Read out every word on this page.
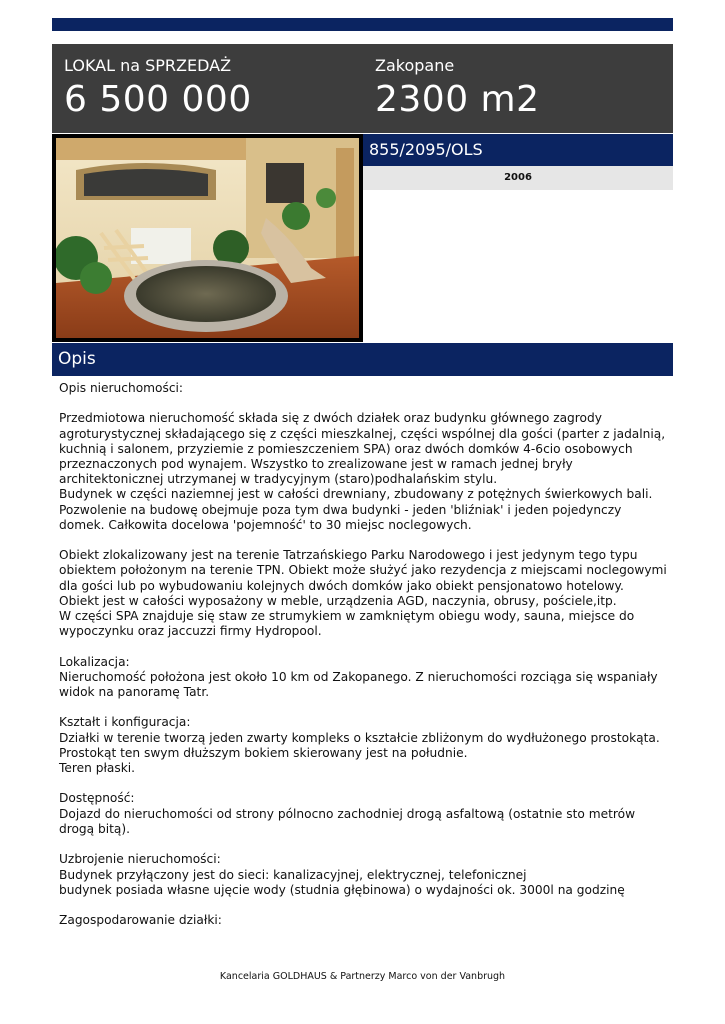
LOKAL na SPRZEDAŻ
6 500 000
Zakopane
2300 m2
855/2095/OLS
2006
Opis
Opis nieruchomości:

Przedmiotowa nieruchomość składa się z dwóch działek oraz budynku głównego zagrody
agroturystycznej składającego się z części mieszkalnej, części wspólnej dla gości (parter z jadalnią,
kuchnią i salonem, przyziemie z pomieszczeniem SPA) oraz dwóch domków 4-6cio osobowych
przeznaczonych pod wynajem. Wszystko to zrealizowane jest w ramach jednej bryły
architektonicznej utrzymanej w tradycyjnym (staro)podhalańskim stylu.
Budynek w części naziemnej jest w całości drewniany, zbudowany z potężnych świerkowych bali.
Pozwolenie na budowę obejmuje poza tym dwa budynki - jeden 'bliźniak' i jeden pojedynczy
domek. Całkowita docelowa 'pojemność' to 30 miejsc noclegowych.

Obiekt zlokalizowany jest na terenie Tatrzańskiego Parku Narodowego i jest jedynym tego typu
obiektem położonym na terenie TPN. Obiekt może służyć jako rezydencja z miejscami noclegowymi
dla gości lub po wybudowaniu kolejnych dwóch domków jako obiekt pensjonatowo hotelowy.
Obiekt jest w całości wyposażony w meble, urządzenia AGD, naczynia, obrusy, pościele,itp.
W części SPA znajduje się staw ze strumykiem w zamkniętym obiegu wody, sauna, miejsce do
wypoczynku oraz jaccuzzi firmy Hydropool.

Lokalizacja:
Nieruchomość położona jest około 10 km od Zakopanego. Z nieruchomości rozciąga się wspaniały
widok na panoramę Tatr.

Kształt i konfiguracja:
Działki w terenie tworzą jeden zwarty kompleks o kształcie zbliżonym do wydłużonego prostokąta.
Prostokąt ten swym dłuższym bokiem skierowany jest na południe.
Teren płaski.

Dostępność:
Dojazd do nieruchomości od strony pólnocno zachodniej drogą asfaltową (ostatnie sto metrów
drogą bitą).

Uzbrojenie nieruchomości:
Budynek przyłączony jest do sieci: kanalizacyjnej, elektrycznej, telefonicznej
budynek posiada własne ujęcie wody (studnia głębinowa) o wydajności ok. 3000l na godzinę

Zagospodarowanie działki:
Kancelaria GOLDHAUS & Partnerzy Marco von der Vanbrugh
